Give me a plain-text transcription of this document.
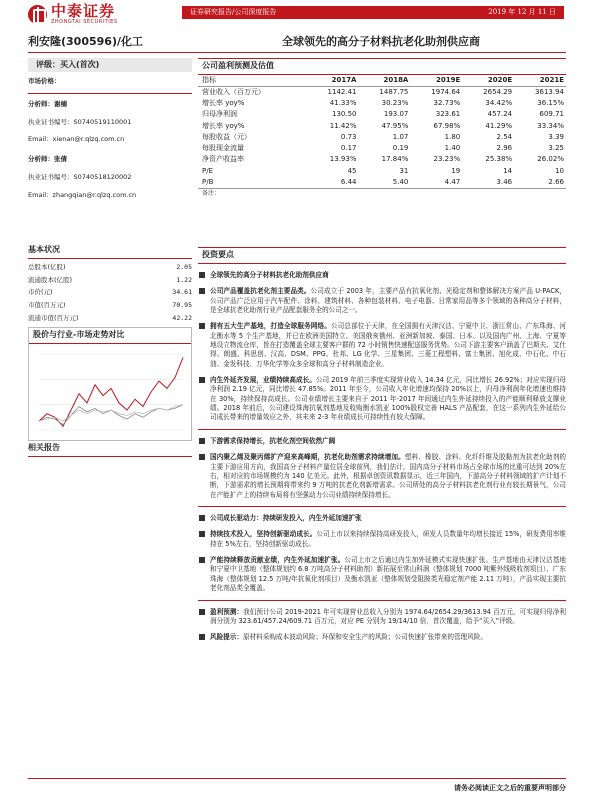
中泰证券
ZHONGTAI SECURITIES
证券研究报告/公司深度报告	2019 年 12 月 11 日
利安隆(300596)/化工	全球领先的高分子材料抗老化助剂供应商
评级：买入(首次)
市场价格：
分析师：谢楠
执业证书编号：S0740519110001
Email：xienan@r.qlzq.com.cn
分析师：张倩
执业证书编号：S0740518120002
Email：zhangqian@r.qlzq.com.cn
基本状况
总股本(亿股)	2.05
流通股本(亿股)	1.22
市价(元)	34.61
市值(百万元)	70.95
流通市值(百万元)	42.22
股价与行业-市场走势对比
相关报告
公司盈利预测及估值
指标	2017A	2018A	2019E	2020E	2021E
营业收入（百万元）	1142.41	1487.75	1974.64	2654.29	3613.94
增长率 yoy%	41.33%	30.23%	32.73%	34.42%	36.15%
归母净利润	130.50	193.07	323.61	457.24	609.71
增长率 yoy%	11.42%	47.95%	67.98%	41.29%	33.34%
每股收益（元）	0.73	1.07	1.80	2.54	3.39
每股现金流量	0.17	0.19	1.40	2.96	3.25
净资产收益率	13.93%	17.84%	23.23%	25.38%	26.02%
P/E	45	31	19	14	10
P/B	6.44	5.40	4.47	3.46	2.66
备注：
投资要点
全球领先的高分子材料抗老化助剂供应商
公司产品覆盖抗老化剂主要品类。公司成立于 2003 年，主要产品有抗氧化剂、光稳定剂和整体解决方案产品 U-PACK，公司产品广泛应用于汽车配件、涂料、建筑材料、各种包装材料、电子电器、日常家用品等多个领域的各种高分子材料，是全球抗老化助剂行业产品配套服务全的公司之一。
拥有五大生产基地，打造全球服务网络。公司总部位于天津，在全国拥有天津汉沽、宁夏中卫、浙江常山、广东珠海、河北衡水等 5 个生产基地，并已在欧洲美国特立、美国俄亥俄州、亚洲新加坡、泰国、日本、以及国内广州、上海、宁夏等地设立物流仓库，旨在打造覆盖全球主要客户群的 72 小时销售快速配送服务优势。公司下游主要客户涵盖了巴斯夫、艾仕得、朗盛、科思创、汉高、DSM、PPG、杜邦、LG 化学、三星集团、三菱工程塑料、富士集团、旭化成、中石化、中石油、金发科技、万华化学等众多全球和高分子材料制造企业。
内生外延齐发展，业绩持续高成长。公司 2019 年前三季度实现营业收入 14.34 亿元，同比增长 26.92%；对应实现归母净利润 2.19 亿元，同比增长 47.85%。2011 年至今，公司收入年化增速均保持 20%以上，归母净利润年化增速也维持在 30%，持续保持高成长。公司业绩增长主要来自于 2011 年-2017 年间通过内生外延持续投入的产能顺利释放支撑业绩。2018 年前后，公司建设珠海抗氧剂基地及收购衡水凯亚 100%股权完善 HALS 产品配套，在这一系列内生外延给公司成长带来的增量效应之外，其未来 2-3 年业绩成长可持续性有较大保障。
下游需求保持增长，抗老化剂空间依然广阔
国内聚乙烯及聚丙烯扩产迎来高峰期，抗老化助剂需求持续增加。塑料、橡胶、涂料、化纤纤维及胶黏剂为抗老化助剂的主要下游应用方向，我国高分子材料产量位居全球前列，我们估计，国内高分子材料市场占全球市场的比重可达到 20%左右，相对应的市场规模约为 140 亿美元。此外，根据卓创资讯数据显示，近三年国内，下游高分子材料领域的扩产计划不断，下游需求的增长预期将带来约 9 万吨的抗老化剂新增需求。公司所处的高分子材料抗老化剂行业有较长期景气，公司在产能扩产上的持续布局将有坚强动力公司业绩持续保持增长。
公司成长驱动力：持续研发投入，内生外延加速扩张
持续技术投入，坚持创新驱动成长。公司上市以来持续保持高研发投入，研发人员数量年均增长接近 15%，研发费用率维持在 5%左右，坚持创新驱动成长。
产能持续释放贡献业绩，内生外延加速扩张。公司上市之后通过内生加外延模式实现快速扩张。生产基地由天津汉沽基地和宁夏中卫基地（整体规划约 6.8 万吨高分子材料助剂）新拓展至常山科润（整体规划 7000 吨紫外线吸收剂项目）、广东珠海（整体规划 12.5 万吨/年抗氧化剂项目）及衡水凯亚（整体规划受阻胺类光稳定剂产能 2.11 万吨），产品实现主要抗老化剂品类全覆盖。
盈利预测：我们预计公司 2019-2021 年可实现营业总收入分别为 1974.64/2654.29/3613.94 百万元，可实现归母净利润分别为 323.61/457.24/609.71 百万元，对应 PE 分别为 19/14/10 倍，首次覆盖，给予“买入”评级。
风险提示：原材料采购成本波动风险；环保和安全生产的风险；公司快速扩张带来的管理风险。
请务必阅读正文之后的重要声明部分
